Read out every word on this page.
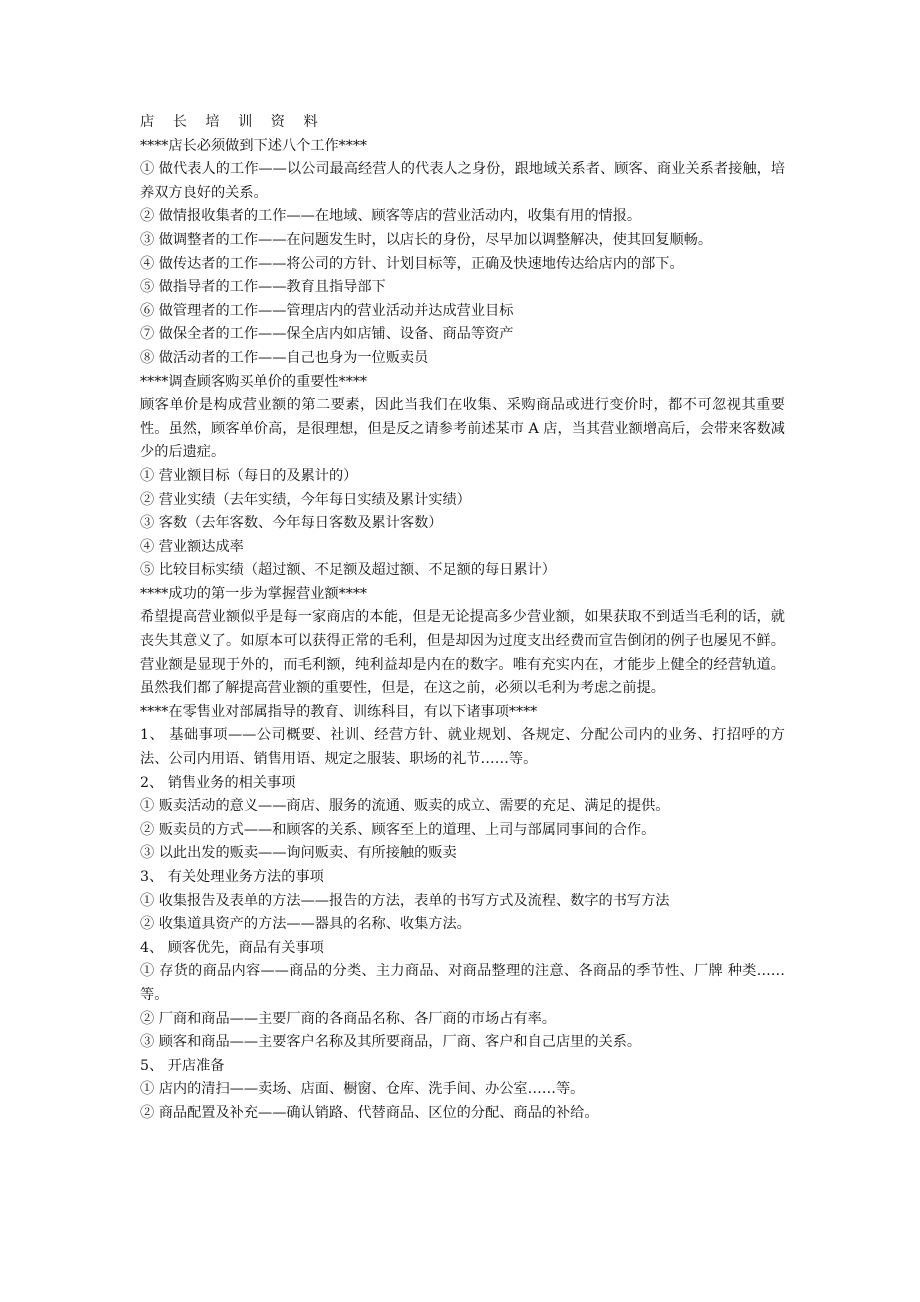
店 长 培 训 资 料

****店长必须做到下述八个工作****

① 做代表人的工作——以公司最高经营人的代表人之身份，跟地域关系者、顾客、商业关系者接触，培养双方良好的关系。

② 做情报收集者的工作——在地域、顾客等店的营业活动内，收集有用的情报。

③ 做调整者的工作——在问题发生时，以店长的身份，尽早加以调整解决，使其回复顺畅。

④ 做传达者的工作——将公司的方针、计划目标等，正确及快速地传达给店内的部下。

⑤ 做指导者的工作——教育且指导部下

⑥ 做管理者的工作——管理店内的营业活动并达成营业目标

⑦ 做保全者的工作——保全店内如店铺、设备、商品等资产

⑧ 做活动者的工作——自己也身为一位贩卖员

****调查顾客购买单价的重要性****

顾客单价是构成营业额的第二要素，因此当我们在收集、采购商品或进行变价时，都不可忽视其重要性。虽然，顾客单价高，是很理想，但是反之请参考前述某市 A 店，当其营业额增高后，会带来客数减少的后遗症。

① 营业额目标（每日的及累计的）

② 营业实绩（去年实绩，今年每日实绩及累计实绩）

③ 客数（去年客数、今年每日客数及累计客数）

④ 营业额达成率

⑤ 比较目标实绩（超过额、不足额及超过额、不足额的每日累计）

****成功的第一步为掌握营业额****

希望提高营业额似乎是每一家商店的本能，但是无论提高多少营业额，如果获取不到适当毛利的话，就丧失其意义了。如原本可以获得正常的毛利，但是却因为过度支出经费而宣告倒闭的例子也屡见不鲜。营业额是显现于外的，而毛利额，纯利益却是内在的数字。唯有充实内在，才能步上健全的经营轨道。虽然我们都了解提高营业额的重要性，但是，在这之前，必须以毛利为考虑之前提。

****在零售业对部属指导的教育、训练科目，有以下诸事项****

1、 基础事项——公司概要、社训、经营方针、就业规划、各规定、分配公司内的业务、打招呼的方法、公司内用语、销售用语、规定之服装、职场的礼节……等。

2、 销售业务的相关事项

① 贩卖活动的意义——商店、服务的流通、贩卖的成立、需要的充足、满足的提供。

② 贩卖员的方式——和顾客的关系、顾客至上的道理、上司与部属同事间的合作。

③ 以此出发的贩卖——询问贩卖、有所接触的贩卖

3、 有关处理业务方法的事项

① 收集报告及表单的方法——报告的方法，表单的书写方式及流程、数字的书写方法

② 收集道具资产的方法——器具的名称、收集方法。

4、 顾客优先，商品有关事项

① 存货的商品内容——商品的分类、主力商品、对商品整理的注意、各商品的季节性、厂牌 种类……等。

② 厂商和商品——主要厂商的各商品名称、各厂商的市场占有率。

③ 顾客和商品——主要客户名称及其所要商品，厂商、客户和自己店里的关系。

5、 开店准备

① 店内的清扫——卖场、店面、橱窗、仓库、洗手间、办公室……等。

② 商品配置及补充——确认销路、代替商品、区位的分配、商品的补给。
